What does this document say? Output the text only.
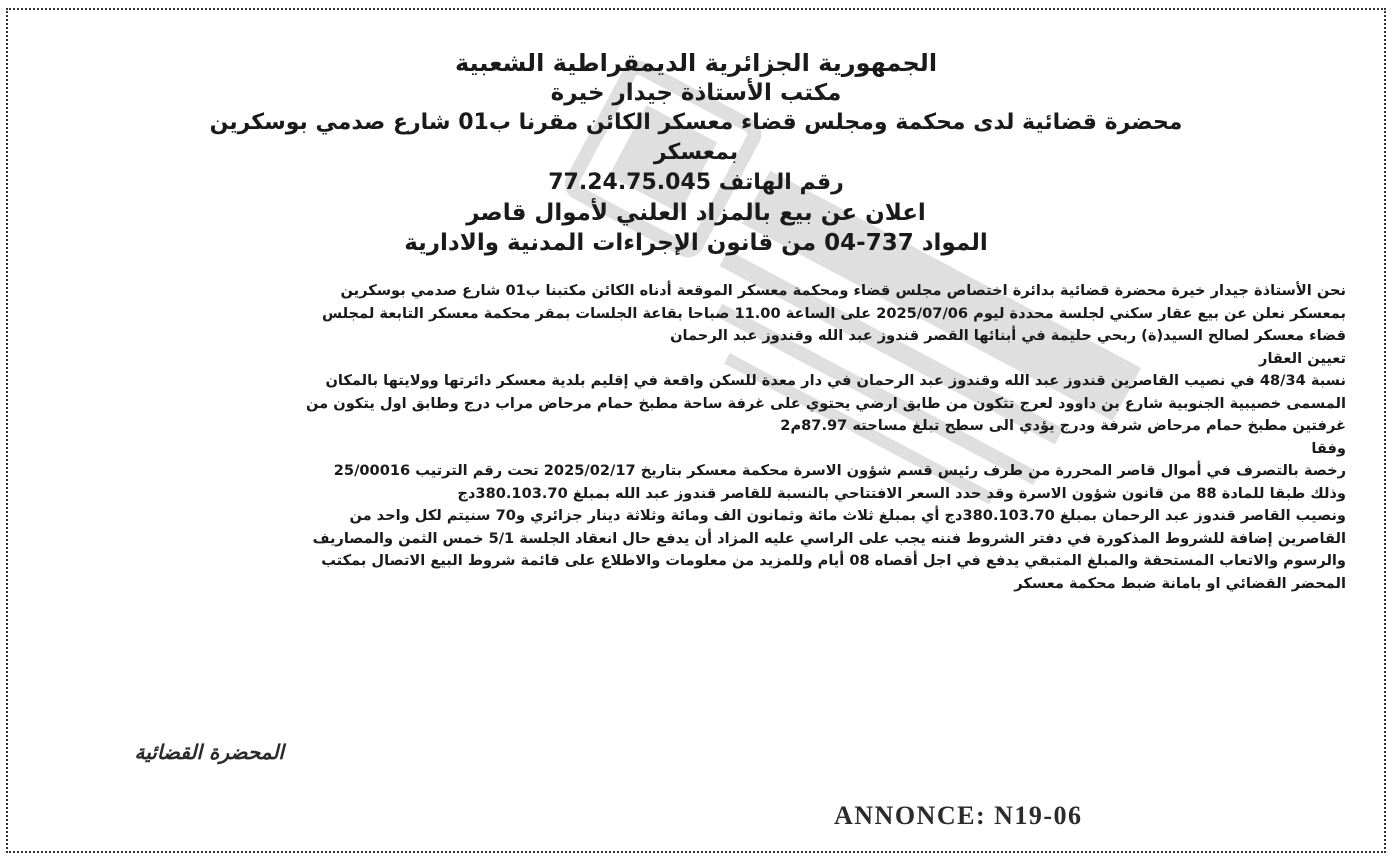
الجمهورية الجزائرية الديمقراطية الشعبية
مكتب الأستاذة جيدار خيرة
محضرة قضائية لدى محكمة ومجلس قضاء معسكر الكائن مقرنا ب01 شارع صدمي بوسكرين
بمعسكر
رقم الهاتف 77.24.75.045
اعلان عن بيع بالمزاد العلني لأموال قاصر
المواد 737-04 من قانون الإجراءات المدنية والادارية
نحن الأستاذة جيدار خيرة محضرة قضائية بدائرة اختصاص مجلس قضاء ومحكمة معسكر الموقعة أدناه الكائن مكتبنا ب01 شارع صدمي بوسكرين
بمعسكر نعلن عن بيع عقار سكني لجلسة محددة ليوم 2025/07/06 على الساعة 11.00 صباحا بقاعة الجلسات بمقر محكمة معسكر التابعة لمجلس
قضاء معسكر لصالح السيد(ة) ربحي حليمة في أبنائها القصر قندوز عبد الله وقندوز عبد الرحمان
تعيين العقار
نسبة 48/34 في نصيب القاصرين قندوز عبد الله وقندوز عبد الرحمان في دار معدة للسكن واقعة في إقليم بلدية معسكر دائرتها وولايتها بالمكان
المسمى خصيبية الجنوبية شارع بن داوود لعرج تتكون من طابق ارضي يحتوي على غرفة ساحة مطبخ حمام مرحاض مراب درج وطابق اول يتكون من
غرفتين مطبخ حمام مرحاض شرفة ودرج يؤدي الى سطح تبلغ مساحته 87.97م2
وفقا
رخصة بالتصرف في أموال قاصر المحررة من طرف رئيس قسم شؤون الاسرة محكمة معسكر بتاريخ 2025/02/17 تحت رقم الترتيب 25/00016
وذلك طبقا للمادة 88 من قانون شؤون الاسرة وقد حدد السعر الافتتاحي بالنسبة للقاصر قندوز عبد الله بمبلغ 380.103.70دج
ونصيب القاصر قندوز عبد الرحمان بمبلغ 380.103.70دج أي بمبلغ ثلاث مائة وثمانون الف ومائة وثلاثة دينار جزائري و70 سنيتم لكل واحد من
القاصرين إضافة للشروط المذكورة في دفتر الشروط فننه يجب على الراسي عليه المزاد أن يدفع حال انعقاد الجلسة 5/1 خمس الثمن والمصاريف
والرسوم والاتعاب المستحقة والمبلغ المتبقي يدفع في اجل أقصاه 08 أيام وللمزيد من معلومات والاطلاع على قائمة شروط البيع الاتصال بمكتب
المحضر القضائي او بامانة ضبط محكمة معسكر
المحضرة القضائية
ANNONCE: N19-06
